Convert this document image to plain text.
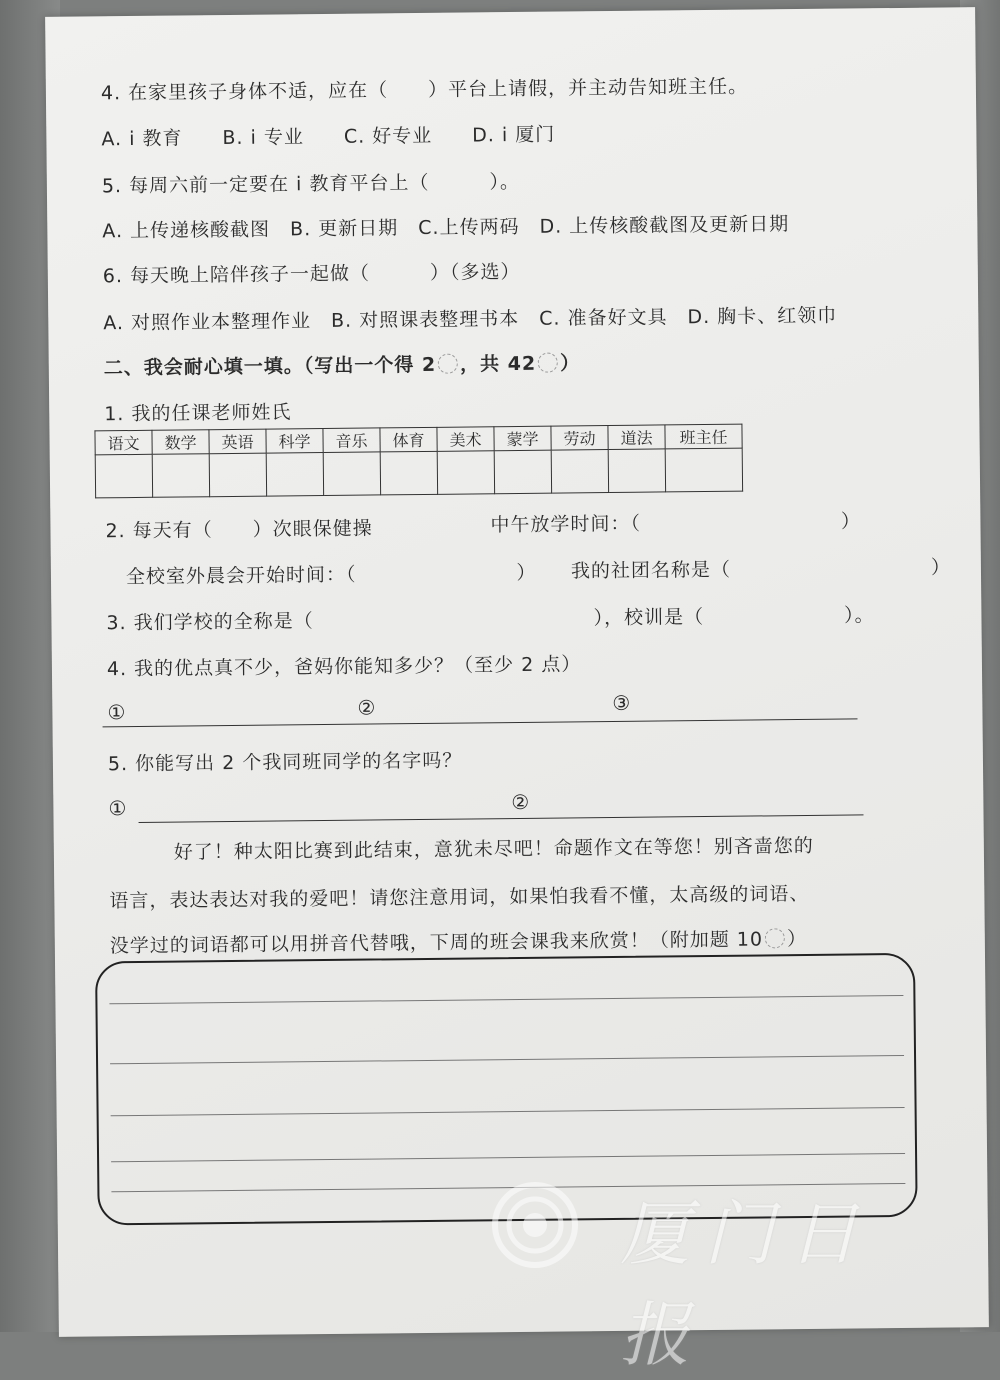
4. 在家里孩子身体不适，应在（　　）平台上请假，并主动告知班主任。
A. i 教育　　B. i 专业　　C. 好专业　　D. i 厦门
5. 每周六前一定要在 i 教育平台上（　　　）。
A. 上传递核酸截图　B. 更新日期　C.上传两码　D. 上传核酸截图及更新日期
6. 每天晚上陪伴孩子一起做（　　　）（多选）
A. 对照作业本整理作业　B. 对照课表整理书本　C. 准备好文具　D. 胸卡、红领巾
二、我会耐心填一填。（写出一个得 2 ，共 42 ）
1. 我的任课老师姓氏
语文	数学	英语	科学	音乐	体育	美术	蒙学	劳动	道法	班主任

2. 每天有（　　）次眼保健操	中午放学时间：（　　　　　　　　　　）
全校室外晨会开始时间：（　　　　　　　　） 我的社团名称是（　　　　　　　　　　）
3. 我们学校的全称是（　　　　　　　　　　　　　　），校训是（　　　　　　　）。
4. 我的优点真不少，爸妈你能知多少？（至少 2 点）
①	②	③
5. 你能写出 2 个我同班同学的名字吗？
①	②
好了！种太阳比赛到此结束，意犹未尽吧！命题作文在等您！别吝啬您的
语言，表达表达对我的爱吧！请您注意用词，如果怕我看不懂，太高级的词语、
没学过的词语都可以用拼音代替哦，下周的班会课我来欣赏！（附加题 10 ）
厦门日报
